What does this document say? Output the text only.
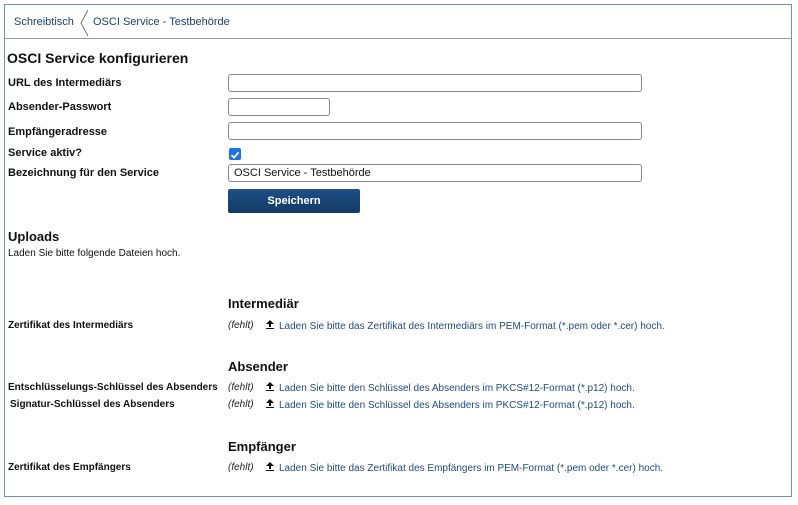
Schreibtisch OSCI Service - Testbehörde
OSCI Service konfigurieren
URL des Intermediärs
Absender-Passwort
Empfängeradresse
Service aktiv?
Bezeichnung für den Service
OSCI Service - Testbehörde
Speichern
Uploads
Laden Sie bitte folgende Dateien hoch.
Intermediär
Zertifikat des Intermediärs	(fehlt)	Laden Sie bitte das Zertifikat des Intermediärs im PEM-Format (*.pem oder *.cer) hoch.
Absender
Entschlüsselungs-Schlüssel des Absenders (fehlt)	Laden Sie bitte den Schlüssel des Absenders im PKCS#12-Format (*.p12) hoch.
Signatur-Schlüssel des Absenders	(fehlt)	Laden Sie bitte den Schlüssel des Absenders im PKCS#12-Format (*.p12) hoch.
Empfänger
Zertifikat des Empfängers	(fehlt)	Laden Sie bitte das Zertifikat des Empfängers im PEM-Format (*.pem oder *.cer) hoch.
